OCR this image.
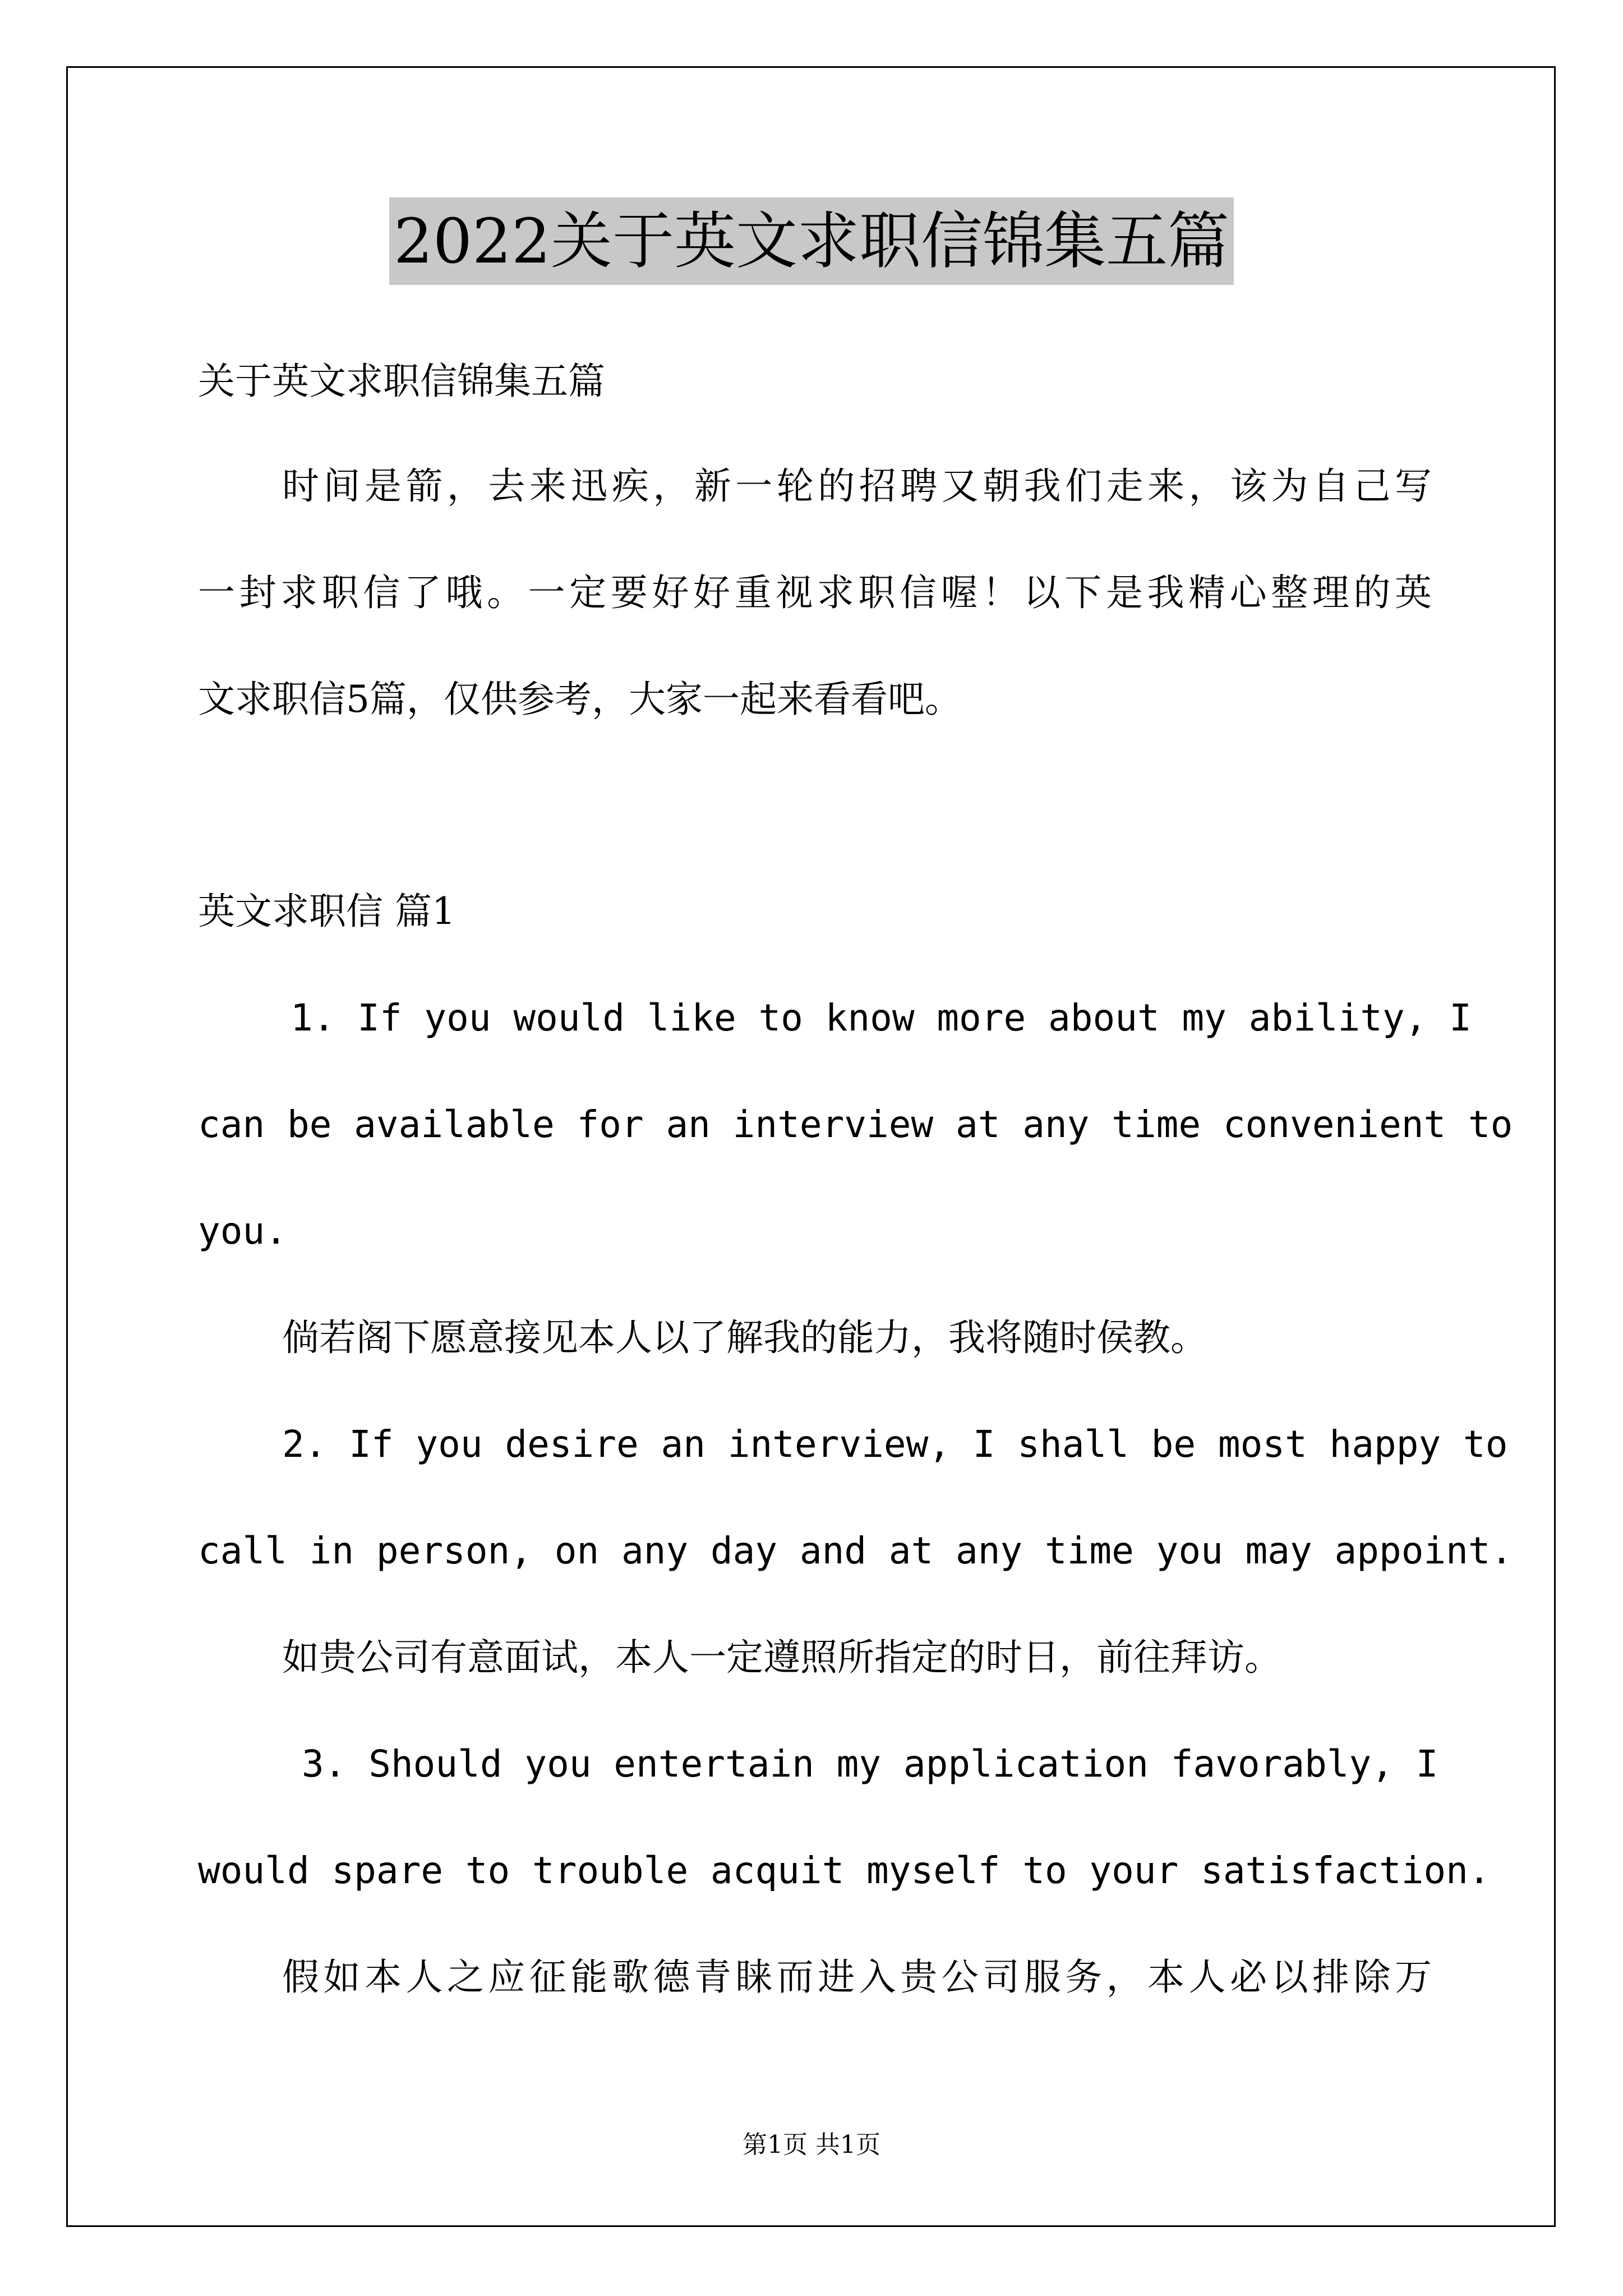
2022关于英文求职信锦集五篇
关于英文求职信锦集五篇
时间是箭，去来迅疾，新一轮的招聘又朝我们走来，该为自己写
一封求职信了哦。一定要好好重视求职信喔！以下是我精心整理的英
文求职信5篇，仅供参考，大家一起来看看吧。
英文求职信 篇1
1. If you would like to know more about my ability, I
can be available for an interview at any time convenient to
you.
倘若阁下愿意接见本人以了解我的能力，我将随时侯教。
2. If you desire an interview, I shall be most happy to
call in person, on any day and at any time you may appoint.
如贵公司有意面试，本人一定遵照所指定的时日，前往拜访。
3. Should you entertain my application favorably, I
would spare to trouble acquit myself to your satisfaction.
假如本人之应征能歌德青睐而进入贵公司服务，本人必以排除万
第1页 共1页
